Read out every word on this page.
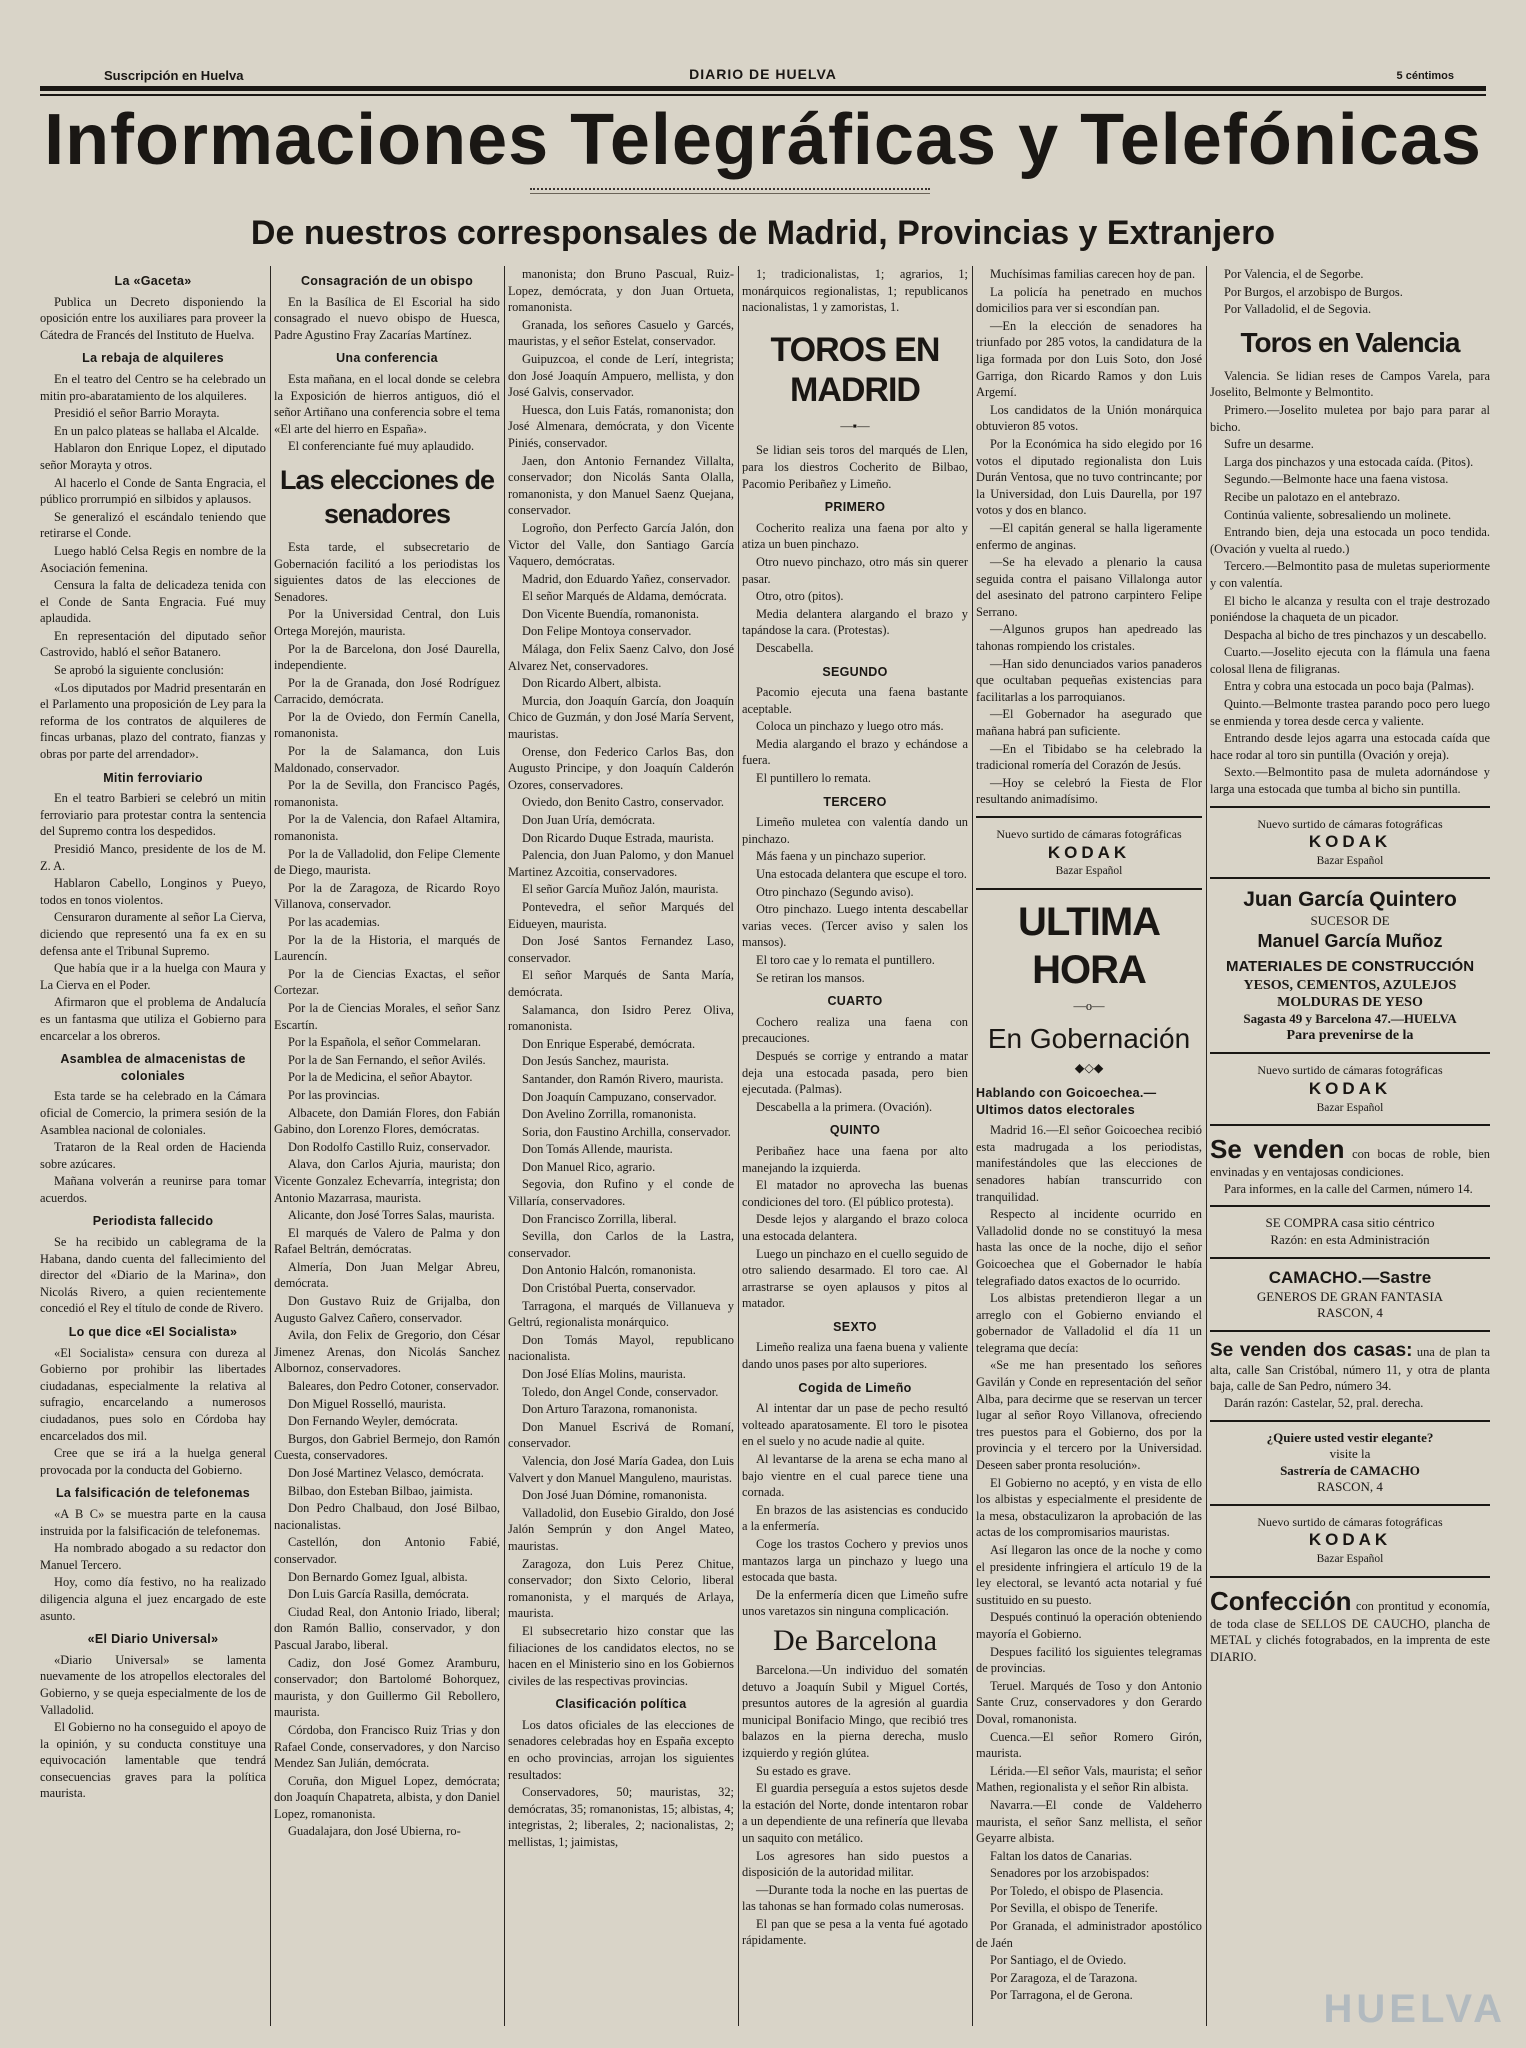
Suscripción en Huelva	DIARIO DE HUELVA	5 céntimos
Informaciones Telegráficas y Telefónicas
De nuestros corresponsales de Madrid, Provincias y Extranjero
La «Gaceta»

Publica un Decreto disponiendo la oposición entre los auxiliares para proveer la Cátedra de Francés del Instituto de Huelva.

La rebaja de alquileres

En el teatro del Centro se ha celebrado un mitin pro-abaratamiento de los alquileres.

Presidió el señor Barrio Morayta.

En un palco plateas se hallaba el Alcalde.

Hablaron don Enrique Lopez, el diputado señor Morayta y otros.

Al hacerlo el Conde de Santa Engracia, el público prorrumpió en silbidos y aplausos.

Se generalizó el escándalo teniendo que retirarse el Conde.

Luego habló Celsa Regis en nombre de la Asociación femenina.

Censura la falta de delicadeza tenida con el Conde de Santa Engracia. Fué muy aplaudida.

En representación del diputado señor Castrovido, habló el señor Batanero.

Se aprobó la siguiente conclusión:

«Los diputados por Madrid presentarán en el Parlamento una proposición de Ley para la reforma de los contratos de alquileres de fincas urbanas, plazo del contrato, fianzas y obras por parte del arrendador».

Mitin ferroviario

En el teatro Barbieri se celebró un mitin ferroviario para protestar contra la sentencia del Supremo contra los despedidos.

Presidió Manco, presidente de los de M. Z. A.

Hablaron Cabello, Longinos y Pueyo, todos en tonos violentos.

Censuraron duramente al señor La Cierva, diciendo que representó una fa ex en su defensa ante el Tribunal Supremo.

Que había que ir a la huelga con Maura y La Cierva en el Poder.

Afirmaron que el problema de Andalucía es un fantasma que utiliza el Gobierno para encarcelar a los obreros.

Asamblea de almacenistas de coloniales

Esta tarde se ha celebrado en la Cámara oficial de Comercio, la primera sesión de la Asamblea nacional de coloniales.

Trataron de la Real orden de Hacienda sobre azúcares.

Mañana volverán a reunirse para tomar acuerdos.

Periodista fallecido

Se ha recibido un cablegrama de la Habana, dando cuenta del fallecimiento del director del «Diario de la Marina», don Nicolás Rivero, a quien recientemente concedió el Rey el título de conde de Rivero.

Lo que dice «El Socialista»

«El Socialista» censura con dureza al Gobierno por prohibir las libertades ciudadanas, especialmente la relativa al sufragio, encarcelando a numerosos ciudadanos, pues solo en Córdoba hay encarcelados dos mil.

Cree que se irá a la huelga general provocada por la conducta del Gobierno.

La falsificación de telefonemas

«A B C» se muestra parte en la causa instruida por la falsificación de telefonemas.

Ha nombrado abogado a su redactor don Manuel Tercero.

Hoy, como día festivo, no ha realizado diligencia alguna el juez encargado de este asunto.

«El Diario Universal»

«Diario Universal» se lamenta nuevamente de los atropellos electorales del Gobierno, y se queja especialmente de los de Valladolid.

El Gobierno no ha conseguido el apoyo de la opinión, y su conducta constituye una equivocación lamentable que tendrá consecuencias graves para la política maurista.

Consagración de un obispo

En la Basílica de El Escorial ha sido consagrado el nuevo obispo de Huesca, Padre Agustino Fray Zacarías Martínez.

Una conferencia

Esta mañana, en el local donde se celebra la Exposición de hierros antiguos, dió el señor Artiñano una conferencia sobre el tema «El arte del hierro en España».

El conferenciante fué muy aplaudido.

Las elecciones de senadores

Esta tarde, el subsecretario de Gobernación facilitó a los periodistas los siguientes datos de las elecciones de Senadores.

Por la Universidad Central, don Luis Ortega Morejón, maurista.

Por la de Barcelona, don José Daurella, independiente.

Por la de Granada, don José Rodríguez Carracido, demócrata.

Por la de Oviedo, don Fermín Canella, romanonista.

Por la de Salamanca, don Luis Maldonado, conservador.

Por la de Sevilla, don Francisco Pagés, romanonista.

Por la de Valencia, don Rafael Altamira, romanonista.

Por la de Valladolid, don Felipe Clemente de Diego, maurista.

Por la de Zaragoza, de Ricardo Royo Villanova, conservador.

Por las academias.

Por la de la Historia, el marqués de Laurencín.

Por la de Ciencias Exactas, el señor Cortezar.

Por la de Ciencias Morales, el señor Sanz Escartín.

Por la Española, el señor Commelaran.

Por la de San Fernando, el señor Avilés.

Por la de Medicina, el señor Abaytor.

Por las provincias.

Albacete, don Damián Flores, don Fabián Gabino, don Lorenzo Flores, demócratas.

Don Rodolfo Castillo Ruiz, conservador.

Alava, don Carlos Ajuria, maurista; don Vicente Gonzalez Echevarría, integrista; don Antonio Mazarrasa, maurista.

Alicante, don José Torres Salas, maurista.

El marqués de Valero de Palma y don Rafael Beltrán, demócratas.

Almería, Don Juan Melgar Abreu, demócrata.

Don Gustavo Ruiz de Grijalba, don Augusto Galvez Cañero, conservador.

Avila, don Felix de Gregorio, don César Jimenez Arenas, don Nicolás Sanchez Albornoz, conservadores.

Baleares, don Pedro Cotoner, conservador.

Don Miguel Rosselló, maurista.

Don Fernando Weyler, demócrata.

Burgos, don Gabriel Bermejo, don Ramón Cuesta, conservadores.

Don José Martinez Velasco, demócrata.

Bilbao, don Esteban Bilbao, jaimista.

Don Pedro Chalbaud, don José Bilbao, nacionalistas.

Castellón, don Antonio Fabié, conservador.

Don Bernardo Gomez Igual, albista.

Don Luis García Rasilla, demócrata.

Ciudad Real, don Antonio Iriado, liberal; don Ramón Ballio, conservador, y don Pascual Jarabo, liberal.

Cadiz, don José Gomez Aramburu, conservador; don Bartolomé Bohorquez, maurista, y don Guillermo Gil Rebollero, maurista.

Córdoba, don Francisco Ruiz Trias y don Rafael Conde, conservadores, y don Narciso Mendez San Julián, demócrata.

Coruña, don Miguel Lopez, demócrata; don Joaquín Chapatreta, albista, y don Daniel Lopez, romanonista.

Guadalajara, don José Ubierna, ro-

manonista; don Bruno Pascual, Ruiz-Lopez, demócrata, y don Juan Ortueta, romanonista.

Granada, los señores Casuelo y Garcés, mauristas, y el señor Estelat, conservador.

Guipuzcoa, el conde de Lerí, integrista; don José Joaquín Ampuero, mellista, y don José Galvis, conservador.

Huesca, don Luis Fatás, romanonista; don José Almenara, demócrata, y don Vicente Piniés, conservador.

Jaen, don Antonio Fernandez Villalta, conservador; don Nicolás Santa Olalla, romanonista, y don Manuel Saenz Quejana, conservador.

Logroño, don Perfecto García Jalón, don Victor del Valle, don Santiago García Vaquero, demócratas.

Madrid, don Eduardo Yañez, conservador.

El señor Marqués de Aldama, demócrata.

Don Vicente Buendía, romanonista.

Don Felipe Montoya conservador.

Málaga, don Felix Saenz Calvo, don José Alvarez Net, conservadores.

Don Ricardo Albert, albista.

Murcia, don Joaquín García, don Joaquín Chico de Guzmán, y don José María Servent, mauristas.

Orense, don Federico Carlos Bas, don Augusto Principe, y don Joaquín Calderón Ozores, conservadores.

Oviedo, don Benito Castro, conservador.

Don Juan Uría, demócrata.

Don Ricardo Duque Estrada, maurista.

Palencia, don Juan Palomo, y don Manuel Martinez Azcoitia, conservadores.

El señor García Muñoz Jalón, maurista.

Pontevedra, el señor Marqués del Eidueyen, maurista.

Don José Santos Fernandez Laso, conservador.

El señor Marqués de Santa María, demócrata.

Salamanca, don Isidro Perez Oliva, romanonista.

Don Enrique Esperabé, demócrata.

Don Jesús Sanchez, maurista.

Santander, don Ramón Rivero, maurista.

Don Joaquín Campuzano, conservador.

Don Avelino Zorrilla, romanonista.

Soria, don Faustino Archilla, conservador.

Don Tomás Allende, maurista.

Don Manuel Rico, agrario.

Segovia, don Rufino y el conde de Villaría, conservadores.

Don Francisco Zorrilla, liberal.

Sevilla, don Carlos de la Lastra, conservador.

Don Antonio Halcón, romanonista.

Don Cristóbal Puerta, conservador.

Tarragona, el marqués de Villanueva y Geltrú, regionalista monárquico.

Don Tomás Mayol, republicano nacionalista.

Don José Elías Molins, maurista.

Toledo, don Angel Conde, conservador.

Don Arturo Tarazona, romanonista.

Don Manuel Escrivá de Romaní, conservador.

Valencia, don José María Gadea, don Luis Valvert y don Manuel Manguleno, mauristas.

Don José Juan Dómine, romanonista.

Valladolid, don Eusebio Giraldo, don José Jalón Semprún y don Angel Mateo, mauristas.

Zaragoza, don Luis Perez Chitue, conservador; don Sixto Celorio, liberal romanonista, y el marqués de Arlaya, maurista.

El subsecretario hizo constar que las filiaciones de los candidatos electos, no se hacen en el Ministerio sino en los Gobiernos civiles de las respectivas provincias.

Clasificación política

Los datos oficiales de las elecciones de senadores celebradas hoy en España excepto en ocho provincias, arrojan los siguientes resultados:

Conservadores, 50; mauristas, 32; demócratas, 35; romanonistas, 15; albistas, 4; integristas, 2; liberales, 2; nacionalistas, 2; mellistas, 1; jaimistas,

1; tradicionalistas, 1; agrarios, 1; monárquicos regionalistas, 1; republicanos nacionalistas, 1 y zamoristas, 1.

TOROS EN MADRID
—▪—

Se lidian seis toros del marqués de Llen, para los diestros Cocherito de Bilbao, Pacomio Peribañez y Limeño.

PRIMERO

Cocherito realiza una faena por alto y atiza un buen pinchazo.

Otro nuevo pinchazo, otro más sin querer pasar.

Otro, otro (pitos).

Media delantera alargando el brazo y tapándose la cara. (Protestas).

Descabella.

SEGUNDO

Pacomio ejecuta una faena bastante aceptable.

Coloca un pinchazo y luego otro más.

Media alargando el brazo y echándose a fuera.

El puntillero lo remata.

TERCERO

Limeño muletea con valentía dando un pinchazo.

Más faena y un pinchazo superior.

Una estocada delantera que escupe el toro.

Otro pinchazo (Segundo aviso).

Otro pinchazo. Luego intenta descabellar varias veces. (Tercer aviso y salen los mansos).

El toro cae y lo remata el puntillero.

Se retiran los mansos.

CUARTO

Cochero realiza una faena con precauciones.

Después se corrige y entrando a matar deja una estocada pasada, pero bien ejecutada. (Palmas).

Descabella a la primera. (Ovación).

QUINTO

Peribañez hace una faena por alto manejando la izquierda.

El matador no aprovecha las buenas condiciones del toro. (El público protesta).

Desde lejos y alargando el brazo coloca una estocada delantera.

Luego un pinchazo en el cuello seguido de otro saliendo desarmado. El toro cae. Al arrastrarse se oyen aplausos y pitos al matador.

SEXTO

Limeño realiza una faena buena y valiente dando unos pases por alto superiores.

Cogida de Limeño

Al intentar dar un pase de pecho resultó volteado aparatosamente. El toro le pisotea en el suelo y no acude nadie al quite.

Al levantarse de la arena se echa mano al bajo vientre en el cual parece tiene una cornada.

En brazos de las asistencias es conducido a la enfermería.

Coge los trastos Cochero y previos unos mantazos larga un pinchazo y luego una estocada que basta.

De la enfermería dicen que Limeño sufre unos varetazos sin ninguna complicación.

De Barcelona

Barcelona.—Un individuo del somatén detuvo a Joaquín Subil y Miguel Cortés, presuntos autores de la agresión al guardia municipal Bonifacio Mingo, que recibió tres balazos en la pierna derecha, muslo izquierdo y región glútea.

Su estado es grave.

El guardia perseguía a estos sujetos desde la estación del Norte, donde intentaron robar a un dependiente de una refinería que llevaba un saquito con metálico.

Los agresores han sido puestos a disposición de la autoridad militar.

—Durante toda la noche en las puertas de las tahonas se han formado colas numerosas.

El pan que se pesa a la venta fué agotado rápidamente.

Muchísimas familias carecen hoy de pan.

La policía ha penetrado en muchos domicilios para ver si escondían pan.

—En la elección de senadores ha triunfado por 285 votos, la candidatura de la liga formada por don Luis Soto, don José Garriga, don Ricardo Ramos y don Luis Argemí.

Los candidatos de la Unión monárquica obtuvieron 85 votos.

Por la Económica ha sido elegido por 16 votos el diputado regionalista don Luis Durán Ventosa, que no tuvo contrincante; por la Universidad, don Luis Daurella, por 197 votos y dos en blanco.

—El capitán general se halla ligeramente enfermo de anginas.

—Se ha elevado a plenario la causa seguida contra el paisano Villalonga autor del asesinato del patrono carpintero Felipe Serrano.

—Algunos grupos han apedreado las tahonas rompiendo los cristales.

—Han sido denunciados varios panaderos que ocultaban pequeñas existencias para facilitarlas a los parroquianos.

—El Gobernador ha asegurado que mañana habrá pan suficiente.

—En el Tibidabo se ha celebrado la tradicional romería del Corazón de Jesús.

—Hoy se celebró la Fiesta de Flor resultando animadísimo.

Nuevo surtido de cámaras fotográficas
KODAK
Bazar Español
ULTIMA HORA
—o—
En Gobernación
◆◇◆
Hablando con Goicoechea.—Ultimos datos electorales

Madrid 16.—El señor Goicoechea recibió esta madrugada a los periodistas, manifestándoles que las elecciones de senadores habían transcurrido con tranquilidad.

Respecto al incidente ocurrido en Valladolid donde no se constituyó la mesa hasta las once de la noche, dijo el señor Goicoechea que el Gobernador le había telegrafiado datos exactos de lo ocurrido.

Los albistas pretendieron llegar a un arreglo con el Gobierno enviando el gobernador de Valladolid el día 11 un telegrama que decía:

«Se me han presentado los señores Gavilán y Conde en representación del señor Alba, para decirme que se reservan un tercer lugar al señor Royo Villanova, ofreciendo tres puestos para el Gobierno, dos por la provincia y el tercero por la Universidad. Deseen saber pronta resolución».

El Gobierno no aceptó, y en vista de ello los albistas y especialmente el presidente de la mesa, obstaculizaron la aprobación de las actas de los compromisarios mauristas.

Así llegaron las once de la noche y como el presidente infringiera el artículo 19 de la ley electoral, se levantó acta notarial y fué sustituido en su puesto.

Después continuó la operación obteniendo mayoría el Gobierno.

Despues facilitó los siguientes telegramas de provincias.

Teruel. Marqués de Toso y don Antonio Sante Cruz, conservadores y don Gerardo Doval, romanonista.

Cuenca.—El señor Romero Girón, maurista.

Lérida.—El señor Vals, maurista; el señor Mathen, regionalista y el señor Rin albista.

Navarra.—El conde de Valdeherro maurista, el señor Sanz mellista, el señor Geyarre albista.

Faltan los datos de Canarias.

Senadores por los arzobispados:

Por Toledo, el obispo de Plasencia.

Por Sevilla, el obispo de Tenerife.

Por Granada, el administrador apostólico de Jaén

Por Santiago, el de Oviedo.

Por Zaragoza, el de Tarazona.

Por Tarragona, el de Gerona.

Por Valencia, el de Segorbe.

Por Burgos, el arzobispo de Burgos.

Por Valladolid, el de Segovia.

Toros en Valencia

Valencia. Se lidian reses de Campos Varela, para Joselito, Belmonte y Belmontito.

Primero.—Joselito muletea por bajo para parar al bicho.

Sufre un desarme.

Larga dos pinchazos y una estocada caída. (Pitos).

Segundo.—Belmonte hace una faena vistosa.

Recibe un palotazo en el antebrazo.

Continúa valiente, sobresaliendo un molinete.

Entrando bien, deja una estocada un poco tendida. (Ovación y vuelta al ruedo.)

Tercero.—Belmontito pasa de muletas superiormente y con valentía.

El bicho le alcanza y resulta con el traje destrozado poniéndose la chaqueta de un picador.

Despacha al bicho de tres pinchazos y un descabello.

Cuarto.—Joselito ejecuta con la flámula una faena colosal llena de filigranas.

Entra y cobra una estocada un poco baja (Palmas).

Quinto.—Belmonte trastea parando poco pero luego se enmienda y torea desde cerca y valiente.

Entrando desde lejos agarra una estocada caída que hace rodar al toro sin puntilla (Ovación y oreja).

Sexto.—Belmontito pasa de muleta adornándose y larga una estocada que tumba al bicho sin puntilla.

Nuevo surtido de cámaras fotográficas
KODAK
Bazar Español
Juan García Quintero
SUCESOR DE
Manuel García Muñoz
MATERIALES DE CONSTRUCCIÓN
YESOS, CEMENTOS, AZULEJOS
MOLDURAS DE YESO
Sagasta 49 y Barcelona 47.—HUELVA
Para prevenirse de la
Nuevo surtido de cámaras fotográficas
KODAK
Bazar Español
Se venden con bocas de roble, bien envinadas y en ventajosas condiciones.

Para informes, en la calle del Carmen, número 14.

SE COMPRA casa sitio céntrico
Razón: en esta Administración
CAMACHO.—Sastre
GENEROS DE GRAN FANTASIA
RASCON, 4
Se venden dos casas: una de plan ta alta, calle San Cristóbal, número 11, y otra de planta baja, calle de San Pedro, número 34.

Darán razón: Castelar, 52, pral. derecha.

¿Quiere usted vestir elegante?
visite la
Sastrería de CAMACHO
RASCON, 4
Nuevo surtido de cámaras fotográficas
KODAK
Bazar Español
Confección con prontitud y economía, de toda clase de SELLOS DE CAUCHO, plancha de METAL y clichés fotograbados, en la imprenta de este DIARIO.
HUELVA
